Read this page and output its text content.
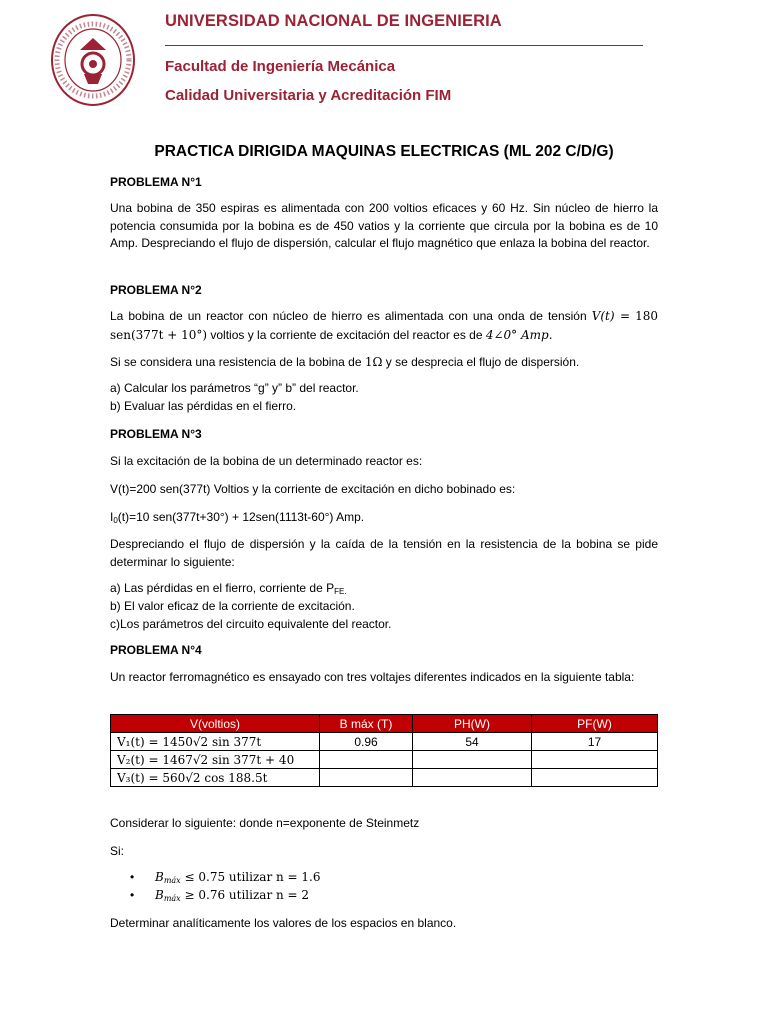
UNIVERSIDAD NACIONAL DE INGENIERIA
Facultad de Ingeniería Mecánica
Calidad Universitaria y Acreditación FIM
PRACTICA DIRIGIDA MAQUINAS ELECTRICAS (ML 202 C/D/G)
PROBLEMA N°1
Una bobina de 350 espiras es alimentada con 200 voltios eficaces y 60 Hz. Sin núcleo de hierro la potencia consumida por la bobina es de 450 vatios y la corriente que circula por la bobina es de 10 Amp. Despreciando el flujo de dispersión, calcular el flujo magnético que enlaza la bobina del reactor.
PROBLEMA N°2
La bobina de un reactor con núcleo de hierro es alimentada con una onda de tensión V(t) = 180 sen(377t + 10°) voltios y la corriente de excitación del reactor es de 4∠0° Amp.
Si se considera una resistencia de la bobina de 1Ω y se desprecia el flujo de dispersión.
a) Calcular los parámetros “g” y” b” del reactor.
b) Evaluar las pérdidas en el fierro.
PROBLEMA N°3
Si la excitación de la bobina de un determinado reactor es:
V(t)=200 sen(377t) Voltios y la corriente de excitación en dicho bobinado es:
$I_0(t)=10$ sen(377t+30°) + 12sen(1113t-60°) Amp.
Despreciando el flujo de dispersión y la caída de la tensión en la resistencia de la bobina se pide determinar lo siguiente:
a) Las pérdidas en el fierro, corriente de $P_{FE.}$
b) El valor eficaz de la corriente de excitación.
c)Los parámetros del circuito equivalente del reactor.
PROBLEMA N°4
Un reactor ferromagnético es ensayado con tres voltajes diferentes indicados en la siguiente tabla:
V(voltios)	B máx (T)	PH(W)	PF(W)
V₁(t) = 1450√2 sin 377t	0.96	54	17
V₂(t) = 1467√2 sin 377t + 40			
V₃(t) = 560√2 cos 188.5t			
Considerar lo siguiente: donde n=exponente de Steinmetz
Si:
• $B_{máx} \le 0.75$ utilizar n = 1.6
• $B_{máx} \ge 0.76$ utilizar n = 2
Determinar analíticamente los valores de los espacios en blanco.
